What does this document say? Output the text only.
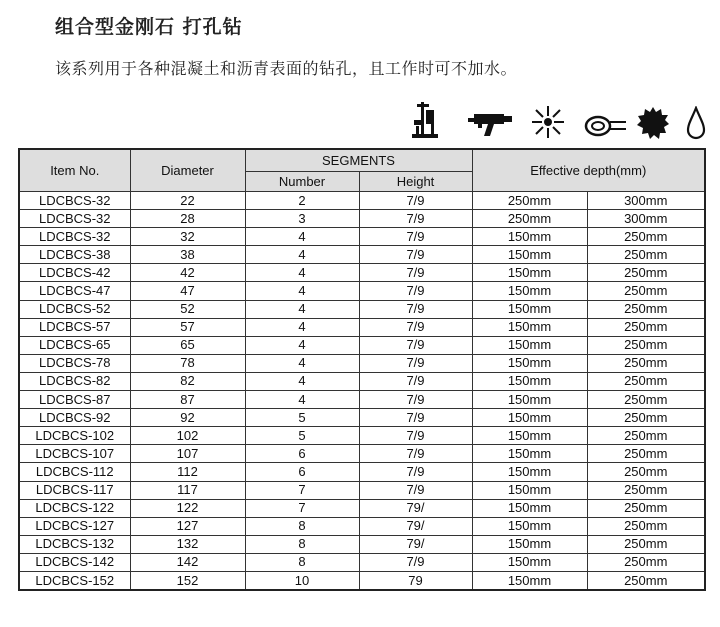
组合型金刚石 打孔钻
该系列用于各种混凝土和沥青表面的钻孔，且工作时可不加水。
Item No.	Diameter	SEGMENTS		Effective depth(mm)	
		Number	Height		
LDCBCS-32	22	2	7/9	250mm	300mm
LDCBCS-32	28	3	7/9	250mm	300mm
LDCBCS-32	32	4	7/9	150mm	250mm
LDCBCS-38	38	4	7/9	150mm	250mm
LDCBCS-42	42	4	7/9	150mm	250mm
LDCBCS-47	47	4	7/9	150mm	250mm
LDCBCS-52	52	4	7/9	150mm	250mm
LDCBCS-57	57	4	7/9	150mm	250mm
LDCBCS-65	65	4	7/9	150mm	250mm
LDCBCS-78	78	4	7/9	150mm	250mm
LDCBCS-82	82	4	7/9	150mm	250mm
LDCBCS-87	87	4	7/9	150mm	250mm
LDCBCS-92	92	5	7/9	150mm	250mm
LDCBCS-102	102	5	7/9	150mm	250mm
LDCBCS-107	107	6	7/9	150mm	250mm
LDCBCS-112	112	6	7/9	150mm	250mm
LDCBCS-117	117	7	7/9	150mm	250mm
LDCBCS-122	122	7	79/	150mm	250mm
LDCBCS-127	127	8	79/	150mm	250mm
LDCBCS-132	132	8	79/	150mm	250mm
LDCBCS-142	142	8	7/9	150mm	250mm
LDCBCS-152	152	10	79	150mm	250mm
